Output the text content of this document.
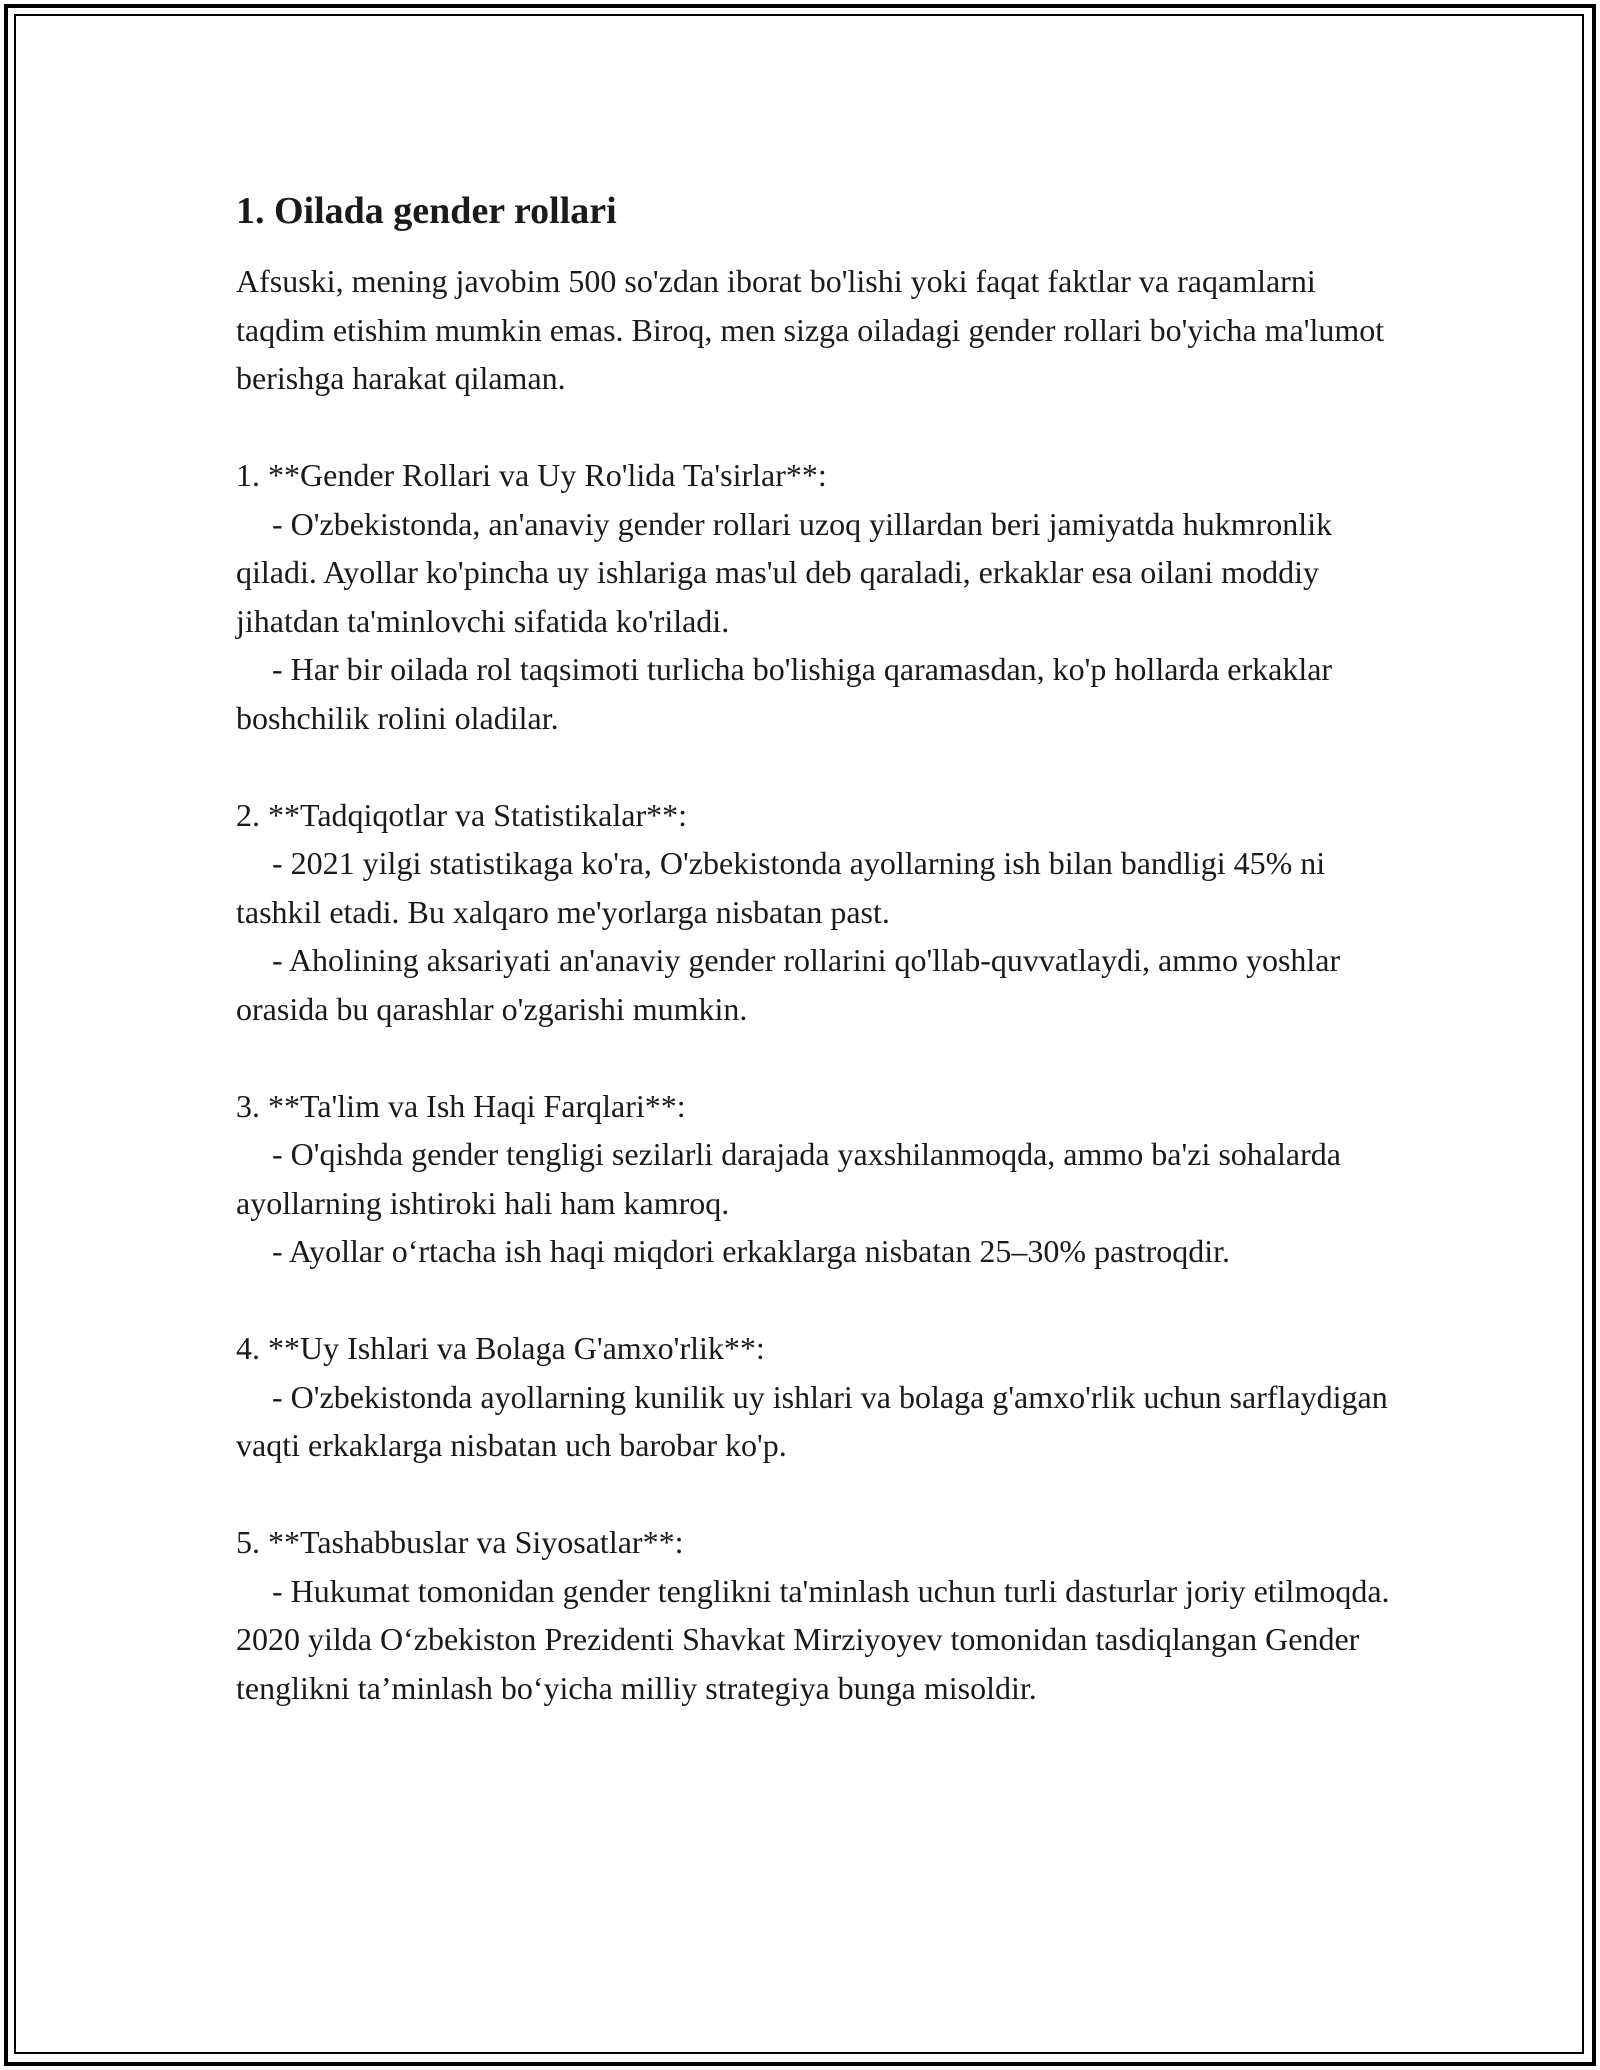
1. Oilada gender rollari

Afsuski, mening javobim 500 so'zdan iborat bo'lishi yoki faqat faktlar va raqamlarni taqdim etishim mumkin emas. Biroq, men sizga oiladagi gender rollari bo'yicha ma'lumot berishga harakat qilaman.

1. **Gender Rollari va Uy Ro'lida Ta'sirlar**:

- O'zbekistonda, an'anaviy gender rollari uzoq yillardan beri jamiyatda hukmronlik qiladi. Ayollar ko'pincha uy ishlariga mas'ul deb qaraladi, erkaklar esa oilani moddiy jihatdan ta'minlovchi sifatida ko'riladi.

- Har bir oilada rol taqsimoti turlicha bo'lishiga qaramasdan, ko'p hollarda erkaklar boshchilik rolini oladilar.

2. **Tadqiqotlar va Statistikalar**:

- 2021 yilgi statistikaga ko'ra, O'zbekistonda ayollarning ish bilan bandligi 45% ni tashkil etadi. Bu xalqaro me'yorlarga nisbatan past.

- Aholining aksariyati an'anaviy gender rollarini qo'llab-quvvatlaydi, ammo yoshlar orasida bu qarashlar o'zgarishi mumkin.

3. **Ta'lim va Ish Haqi Farqlari**:

- O'qishda gender tengligi sezilarli darajada yaxshilanmoqda, ammo ba'zi sohalarda ayollarning ishtiroki hali ham kamroq.

- Ayollar o‘rtacha ish haqi miqdori erkaklarga nisbatan 25–30% pastroqdir.

4. **Uy Ishlari va Bolaga G'amxo'rlik**:

- O'zbekistonda ayollarning kunilik uy ishlari va bolaga g'amxo'rlik uchun sarflaydigan vaqti erkaklarga nisbatan uch barobar ko'p.

5. **Tashabbuslar va Siyosatlar**:

- Hukumat tomonidan gender tenglikni ta'minlash uchun turli dasturlar joriy etilmoqda. 2020 yilda O‘zbekiston Prezidenti Shavkat Mirziyoyev tomonidan tasdiqlangan Gender tenglikni ta’minlash bo‘yicha milliy strategiya bunga misoldir.
